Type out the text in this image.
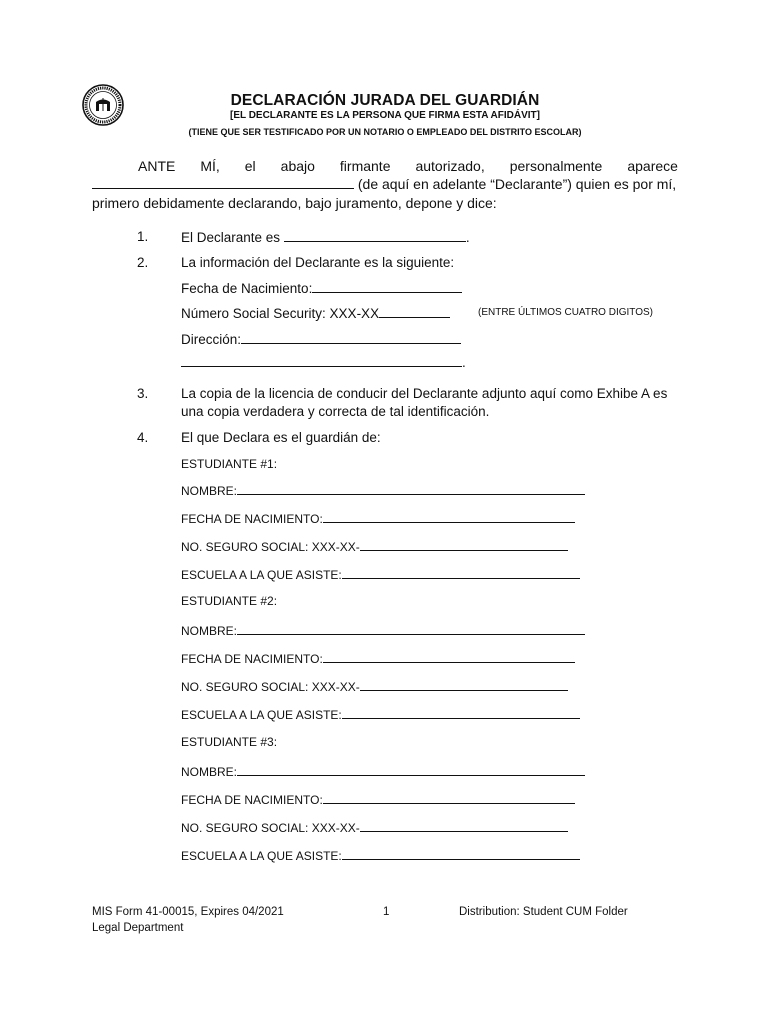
DECLARACIÓN JURADA DEL GUARDIÁN
[EL DECLARANTE ES LA PERSONA QUE FIRMA ESTA AFIDÁVIT]
(TIENE QUE SER TESTIFICADO POR UN NOTARIO O EMPLEADO DEL DISTRITO ESCOLAR)
ANTE MÍ, el abajo firmante autorizado, personalmente aparece
(de aquí en adelante “Declarante”) quien es por mí,
primero debidamente declarando, bajo juramento, depone y dice:
1. El Declarante es	.
2. La información del Declarante es la siguiente:
Fecha de Nacimiento:
Número Social Security: XXX-XX	(ENTRE ÚLTIMOS CUATRO DIGITOS)
Dirección:
.
3. La copia de la licencia de conducir del Declarante adjunto aquí como Exhibe A es
una copia verdadera y correcta de tal identificación.
4. El que Declara es el guardián de:
ESTUDIANTE #1:
NOMBRE:
FECHA DE NACIMIENTO:
NO. SEGURO SOCIAL: XXX-XX-
ESCUELA A LA QUE ASISTE:
ESTUDIANTE #2:
NOMBRE:
FECHA DE NACIMIENTO:
NO. SEGURO SOCIAL: XXX-XX-
ESCUELA A LA QUE ASISTE:
ESTUDIANTE #3:
NOMBRE:
FECHA DE NACIMIENTO:
NO. SEGURO SOCIAL: XXX-XX-
ESCUELA A LA QUE ASISTE:
MIS Form 41-00015, Expires 04/2021
Legal Department
1	Distribution: Student CUM Folder
